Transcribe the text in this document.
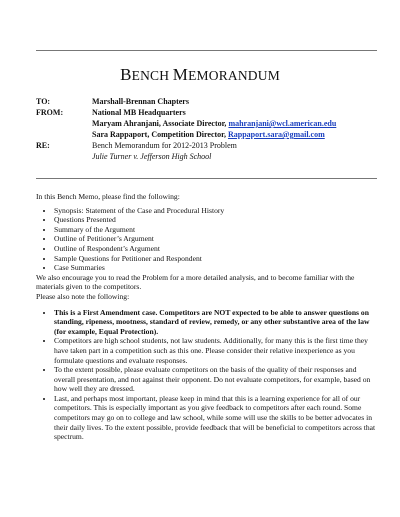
BENCH MEMORANDUM
TO:	Marshall-Brennan Chapters
FROM:	National MB Headquarters
Maryam Ahranjani, Associate Director, mahranjani@wcl.american.edu
Sara Rappaport, Competition Director, Rappaport.sara@gmail.com
RE:	Bench Memorandum for 2012-2013 Problem
Julie Turner v. Jefferson High School

In this Bench Memo, please find the following:

• Synopsis: Statement of the Case and Procedural History
• Questions Presented
• Summary of the Argument
• Outline of Petitioner’s Argument
• Outline of Respondent’s Argument
• Sample Questions for Petitioner and Respondent
• Case Summaries

We also encourage you to read the Problem for a more detailed analysis, and to become familiar with the materials given to the competitors.

Please also note the following:

• This is a First Amendment case. Competitors are NOT expected to be able to answer questions on standing, ripeness, mootness, standard of review, remedy, or any other substantive area of the law (for example, Equal Protection).
• Competitors are high school students, not law students. Additionally, for many this is the first time they have taken part in a competition such as this one. Please consider their relative inexperience as you formulate questions and evaluate responses.
• To the extent possible, please evaluate competitors on the basis of the quality of their responses and overall presentation, and not against their opponent. Do not evaluate competitors, for example, based on how well they are dressed.
• Last, and perhaps most important, please keep in mind that this is a learning experience for all of our competitors. This is especially important as you give feedback to competitors after each round. Some competitors may go on to college and law school, while some will use the skills to be better advocates in their daily lives. To the extent possible, provide feedback that will be beneficial to competitors across that spectrum.
